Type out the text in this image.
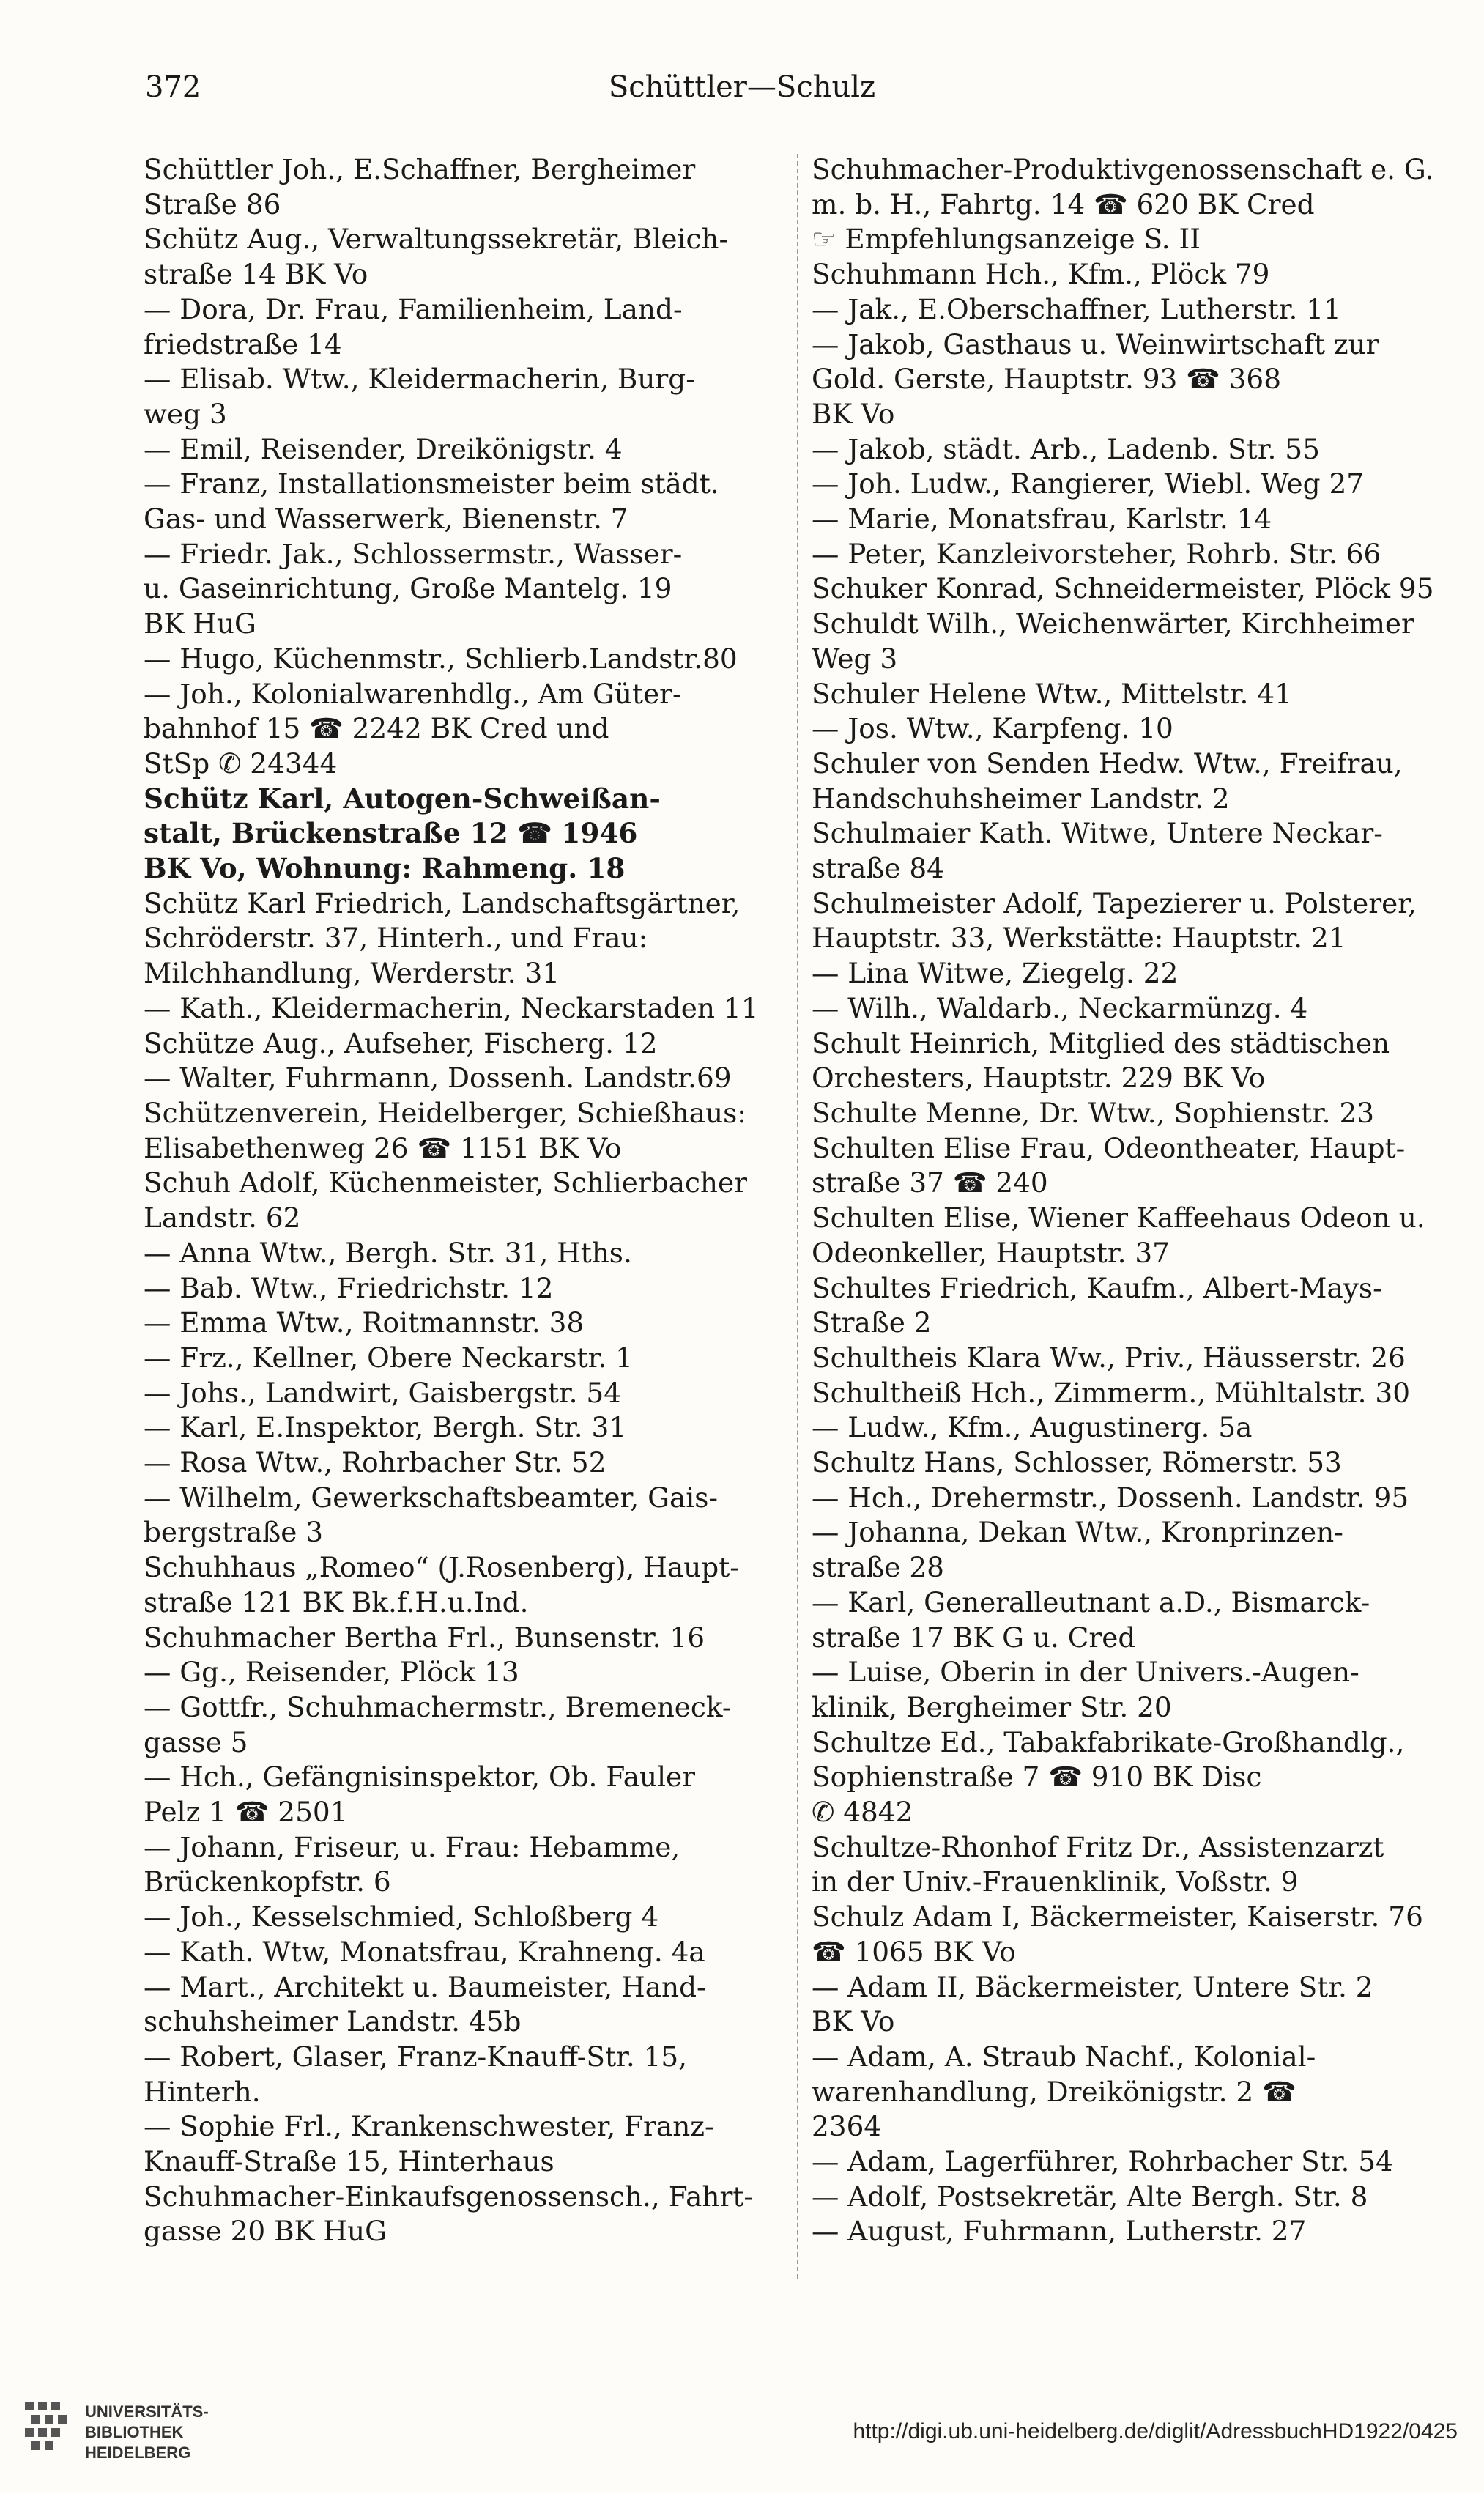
372	Schüttler—Schulz
Schüttler Joh., E.Schaffner, Bergheimer
Straße 86
Schütz Aug., Verwaltungssekretär, Bleich-
straße 14 BK Vo
— Dora, Dr. Frau, Familienheim, Land-
friedstraße 14
— Elisab. Wtw., Kleidermacherin, Burg-
weg 3
— Emil, Reisender, Dreikönigstr. 4
— Franz, Installationsmeister beim städt.
Gas- und Wasserwerk, Bienenstr. 7
— Friedr. Jak., Schlossermstr., Wasser-
u. Gaseinrichtung, Große Mantelg. 19
BK HuG
— Hugo, Küchenmstr., Schlierb.Landstr.80
— Joh., Kolonialwarenhdlg., Am Güter-
bahnhof 15 ☎ 2242 BK Cred und
StSp ✆ 24344
Schütz Karl, Autogen-Schweißan-
stalt, Brückenstraße 12 ☎ 1946
BK Vo, Wohnung: Rahmeng. 18
Schütz Karl Friedrich, Landschaftsgärtner,
Schröderstr. 37, Hinterh., und Frau:
Milchhandlung, Werderstr. 31
— Kath., Kleidermacherin, Neckarstaden 11
Schütze Aug., Aufseher, Fischerg. 12
— Walter, Fuhrmann, Dossenh. Landstr.69
Schützenverein, Heidelberger, Schießhaus:
Elisabethenweg 26 ☎ 1151 BK Vo
Schuh Adolf, Küchenmeister, Schlierbacher
Landstr. 62
— Anna Wtw., Bergh. Str. 31, Hths.
— Bab. Wtw., Friedrichstr. 12
— Emma Wtw., Roitmannstr. 38
— Frz., Kellner, Obere Neckarstr. 1
— Johs., Landwirt, Gaisbergstr. 54
— Karl, E.Inspektor, Bergh. Str. 31
— Rosa Wtw., Rohrbacher Str. 52
— Wilhelm, Gewerkschaftsbeamter, Gais-
bergstraße 3
Schuhhaus „Romeo“ (J.Rosenberg), Haupt-
straße 121 BK Bk.f.H.u.Ind.
Schuhmacher Bertha Frl., Bunsenstr. 16
— Gg., Reisender, Plöck 13
— Gottfr., Schuhmachermstr., Bremeneck-
gasse 5
— Hch., Gefängnisinspektor, Ob. Fauler
Pelz 1 ☎ 2501
— Johann, Friseur, u. Frau: Hebamme,
Brückenkopfstr. 6
— Joh., Kesselschmied, Schloßberg 4
— Kath. Wtw, Monatsfrau, Krahneng. 4a
— Mart., Architekt u. Baumeister, Hand-
schuhsheimer Landstr. 45b
— Robert, Glaser, Franz-Knauff-Str. 15,
Hinterh.
— Sophie Frl., Krankenschwester, Franz-
Knauff-Straße 15, Hinterhaus
Schuhmacher-Einkaufsgenossensch., Fahrt-
gasse 20 BK HuG
Schuhmacher-Produktivgenossenschaft e. G.
m. b. H., Fahrtg. 14 ☎ 620 BK Cred
☞ Empfehlungsanzeige S. II
Schuhmann Hch., Kfm., Plöck 79
— Jak., E.Oberschaffner, Lutherstr. 11
— Jakob, Gasthaus u. Weinwirtschaft zur
Gold. Gerste, Hauptstr. 93 ☎ 368
BK Vo
— Jakob, städt. Arb., Ladenb. Str. 55
— Joh. Ludw., Rangierer, Wiebl. Weg 27
— Marie, Monatsfrau, Karlstr. 14
— Peter, Kanzleivorsteher, Rohrb. Str. 66
Schuker Konrad, Schneidermeister, Plöck 95
Schuldt Wilh., Weichenwärter, Kirchheimer
Weg 3
Schuler Helene Wtw., Mittelstr. 41
— Jos. Wtw., Karpfeng. 10
Schuler von Senden Hedw. Wtw., Freifrau,
Handschuhsheimer Landstr. 2
Schulmaier Kath. Witwe, Untere Neckar-
straße 84
Schulmeister Adolf, Tapezierer u. Polsterer,
Hauptstr. 33, Werkstätte: Hauptstr. 21
— Lina Witwe, Ziegelg. 22
— Wilh., Waldarb., Neckarmünzg. 4
Schult Heinrich, Mitglied des städtischen
Orchesters, Hauptstr. 229 BK Vo
Schulte Menne, Dr. Wtw., Sophienstr. 23
Schulten Elise Frau, Odeontheater, Haupt-
straße 37 ☎ 240
Schulten Elise, Wiener Kaffeehaus Odeon u.
Odeonkeller, Hauptstr. 37
Schultes Friedrich, Kaufm., Albert-Mays-
Straße 2
Schultheis Klara Ww., Priv., Häusserstr. 26
Schultheiß Hch., Zimmerm., Mühltalstr. 30
— Ludw., Kfm., Augustinerg. 5a
Schultz Hans, Schlosser, Römerstr. 53
— Hch., Drehermstr., Dossenh. Landstr. 95
— Johanna, Dekan Wtw., Kronprinzen-
straße 28
— Karl, Generalleutnant a.D., Bismarck-
straße 17 BK G u. Cred
— Luise, Oberin in der Univers.-Augen-
klinik, Bergheimer Str. 20
Schultze Ed., Tabakfabrikate-Großhandlg.,
Sophienstraße 7 ☎ 910 BK Disc
✆ 4842
Schultze-Rhonhof Fritz Dr., Assistenzarzt
in der Univ.-Frauenklinik, Voßstr. 9
Schulz Adam I, Bäckermeister, Kaiserstr. 76
☎ 1065 BK Vo
— Adam II, Bäckermeister, Untere Str. 2
BK Vo
— Adam, A. Straub Nachf., Kolonial-
warenhandlung, Dreikönigstr. 2 ☎
2364
— Adam, Lagerführer, Rohrbacher Str. 54
— Adolf, Postsekretär, Alte Bergh. Str. 8
— August, Fuhrmann, Lutherstr. 27
UNIVERSITÄTS-
BIBLIOTHEK
HEIDELBERG
http://digi.ub.uni-heidelberg.de/diglit/AdressbuchHD1922/0425
